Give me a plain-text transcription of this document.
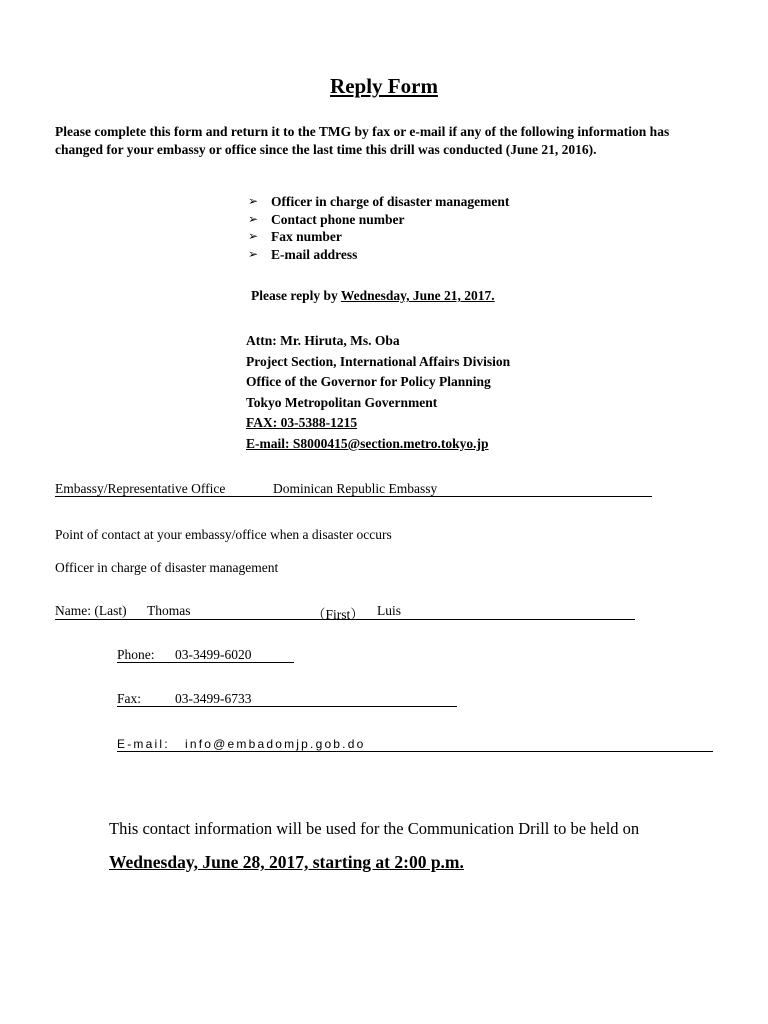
Reply Form
Please complete this form and return it to the TMG by fax or e-mail if any of the following information has changed for your embassy or office since the last time this drill was conducted (June 21, 2016).
➢ Officer in charge of disaster management
➢ Contact phone number
➢ Fax number
➢ E-mail address
Please reply by Wednesday, June 21, 2017.
Attn: Mr. Hiruta, Ms. Oba
Project Section, International Affairs Division
Office of the Governor for Policy Planning
Tokyo Metropolitan Government
FAX: 03-5388-1215
E-mail: S8000415@section.metro.tokyo.jp
Embassy/Representative Office	Dominican Republic Embassy
Point of contact at your embassy/office when a disaster occurs
Officer in charge of disaster management
Name: (Last) Thomas	（First） Luis
Phone: 03-3499-6020
Fax:	03-3499-6733
E-mail: info@embadomjp.gob.do
This contact information will be used for the Communication Drill to be held on
Wednesday, June 28, 2017, starting at 2:00 p.m.
